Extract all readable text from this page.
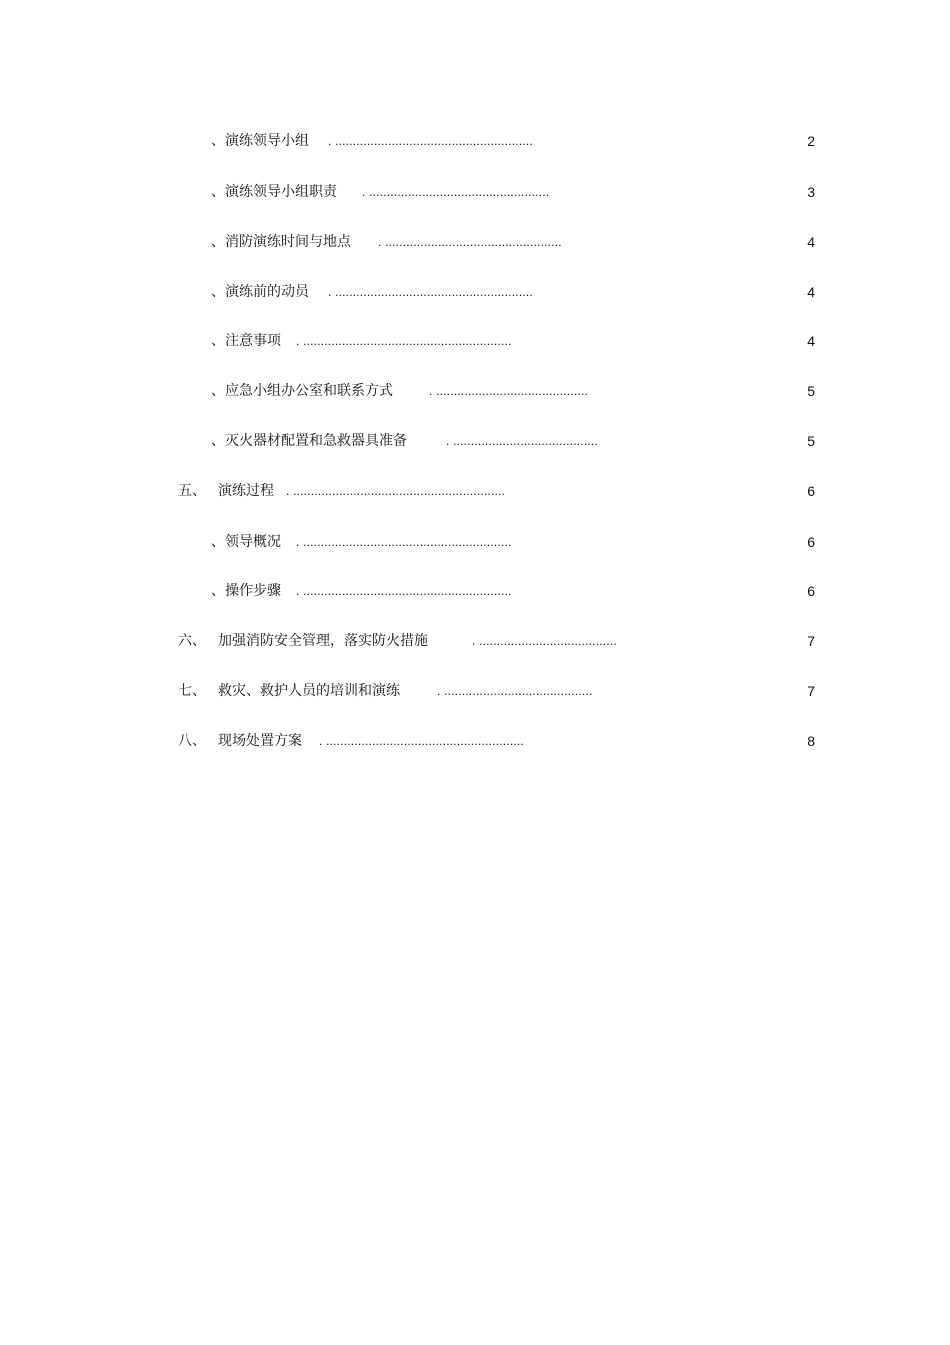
、演练领导小组 . ........................................................	2
、演练领导小组职责 . ...................................................	3
、消防演练时间与地点 . ..................................................	4
、演练前的动员 . ........................................................	4
、注意事项 . ...........................................................	4
、应急小组办公室和联系方式	. ...........................................	5
、灭火器材配置和急救器具准备	. .........................................	5
五、 演练过程 . ............................................................	6
、领导概况 . ...........................................................	6
、操作步骤 . ...........................................................	6
六、 加强消防安全管理，落实防火措施	. .......................................	7
七、 救灾、救护人员的培训和演练	. ..........................................	7
八、 现场处置方案 . ........................................................	8
